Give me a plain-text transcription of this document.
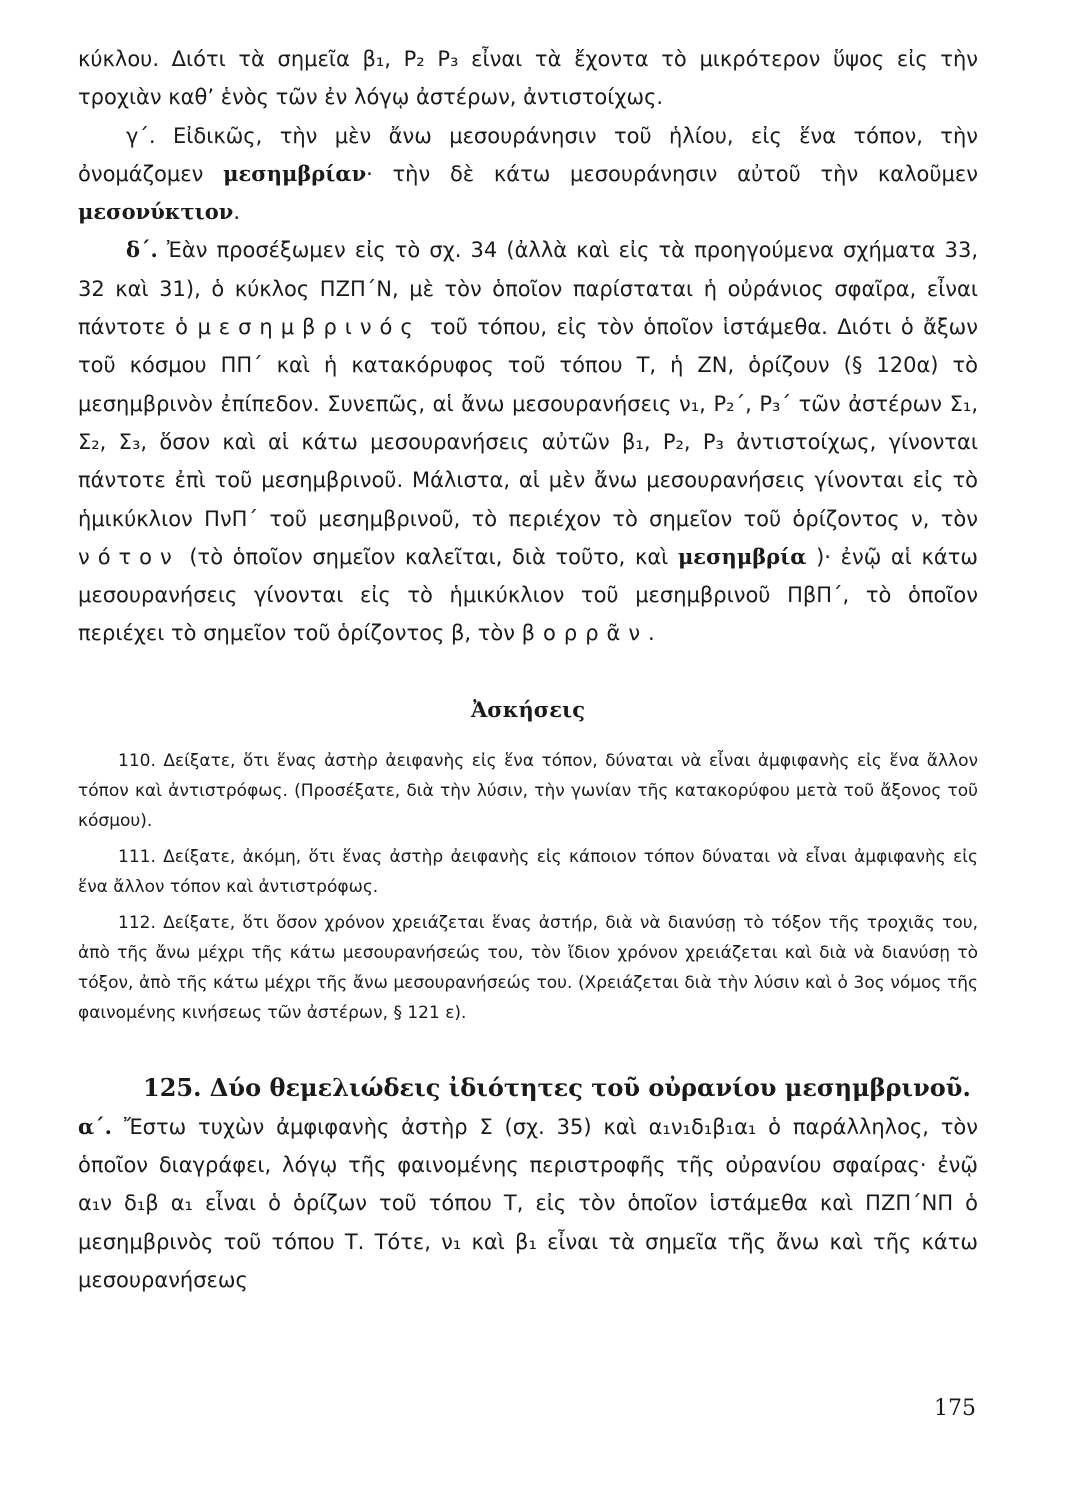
κύκλου. Διότι τὰ σημεῖα β₁, P₂ P₃ εἶναι τὰ ἔχοντα τὸ μικρότερον ὕψος εἰς τὴν τροχιὰν καθ’ ἑνὸς τῶν ἐν λόγῳ ἀστέρων, ἀντιστοίχως.

γ΄. Εἰδικῶς, τὴν μὲν ἄνω μεσουράνησιν τοῦ ἡλίου, εἰς ἕνα τόπον, τὴν ὀνομάζομεν μεσημβρίαν· τὴν δὲ κάτω μεσουράνησιν αὐτοῦ τὴν καλοῦμεν μεσονύκτιον.

δ΄. Ἐὰν προσέξωμεν εἰς τὸ σχ. 34 (ἀλλὰ καὶ εἰς τὰ προηγούμενα σχήματα 33, 32 καὶ 31), ὁ κύκλος ΠΖΠ΄Ν, μὲ τὸν ὁποῖον παρίσταται ἡ οὐράνιος σφαῖρα, εἶναι πάντοτε ὁ μεσημβρινός τοῦ τόπου, εἰς τὸν ὁποῖον ἱστάμεθα. Διότι ὁ ἄξων τοῦ κόσμου ΠΠ΄ καὶ ἡ κατακόρυφος τοῦ τόπου Τ, ἡ ΖΝ, ὁρίζουν (§ 120α) τὸ μεσημβρινὸν ἐπίπεδον. Συνεπῶς, αἱ ἄνω μεσουρανήσεις ν₁, P₂΄, P₃΄ τῶν ἀστέρων Σ₁, Σ₂, Σ₃, ὅσον καὶ αἱ κάτω μεσουρανήσεις αὐτῶν β₁, P₂, P₃ ἀντιστοίχως, γίνονται πάντοτε ἐπὶ τοῦ μεσημβρινοῦ. Μάλιστα, αἱ μὲν ἄνω μεσουρανήσεις γίνονται εἰς τὸ ἡμικύκλιον ΠνΠ΄ τοῦ μεσημβρινοῦ, τὸ περιέχον τὸ σημεῖον τοῦ ὁρίζοντος ν, τὸν νότον (τὸ ὁποῖον σημεῖον καλεῖται, διὰ τοῦτο, καὶ μεσημβρία )· ἐνῷ αἱ κάτω μεσουρανήσεις γίνονται εἰς τὸ ἡμικύκλιον τοῦ μεσημβρινοῦ ΠβΠ΄, τὸ ὁποῖον περιέχει τὸ σημεῖον τοῦ ὁρίζοντος β, τὸν βορρᾶν.

Ἀσκήσεις

110. Δείξατε, ὅτι ἕνας ἀστὴρ ἀειφανὴς εἰς ἕνα τόπον, δύναται νὰ εἶναι ἀμφιφανὴς εἰς ἕνα ἄλλον τόπον καὶ ἀντιστρόφως. (Προσέξατε, διὰ τὴν λύσιν, τὴν γωνίαν τῆς κατακορύφου μετὰ τοῦ ἄξονος τοῦ κόσμου).

111. Δείξατε, ἀκόμη, ὅτι ἕνας ἀστὴρ ἀειφανὴς εἰς κάποιον τόπον δύναται νὰ εἶναι ἀμφιφανὴς εἰς ἕνα ἄλλον τόπον καὶ ἀντιστρόφως.

112. Δείξατε, ὅτι ὅσον χρόνον χρειάζεται ἕνας ἀστήρ, διὰ νὰ διανύσῃ τὸ τόξον τῆς τροχιᾶς του, ἀπὸ τῆς ἄνω μέχρι τῆς κάτω μεσουρανήσεώς του, τὸν ἴδιον χρόνον χρειάζεται καὶ διὰ νὰ διανύσῃ τὸ τόξον, ἀπὸ τῆς κάτω μέχρι τῆς ἄνω μεσουρανήσεώς του. (Χρειάζεται διὰ τὴν λύσιν καὶ ὁ 3ος νόμος τῆς φαινομένης κινήσεως τῶν ἀστέρων, § 121 ε).

125. Δύο θεμελιώδεις ἰδιότητες τοῦ οὐρανίου μεσημβρινοῦ.

α΄. Ἔστω τυχὼν ἀμφιφανὴς ἀστὴρ Σ (σχ. 35) καὶ α₁ν₁δ₁β₁α₁ ὁ παράλληλος, τὸν ὁποῖον διαγράφει, λόγῳ τῆς φαινομένης περιστροφῆς τῆς οὐρανίου σφαίρας· ἐνῷ α₁ν δ₁β α₁ εἶναι ὁ ὁρίζων τοῦ τόπου Τ, εἰς τὸν ὁποῖον ἱστάμεθα καὶ ΠΖΠ΄ΝΠ ὁ μεσημβρινὸς τοῦ τόπου Τ. Τότε, ν₁ καὶ β₁ εἶναι τὰ σημεῖα τῆς ἄνω καὶ τῆς κάτω μεσουρανήσεως

175
